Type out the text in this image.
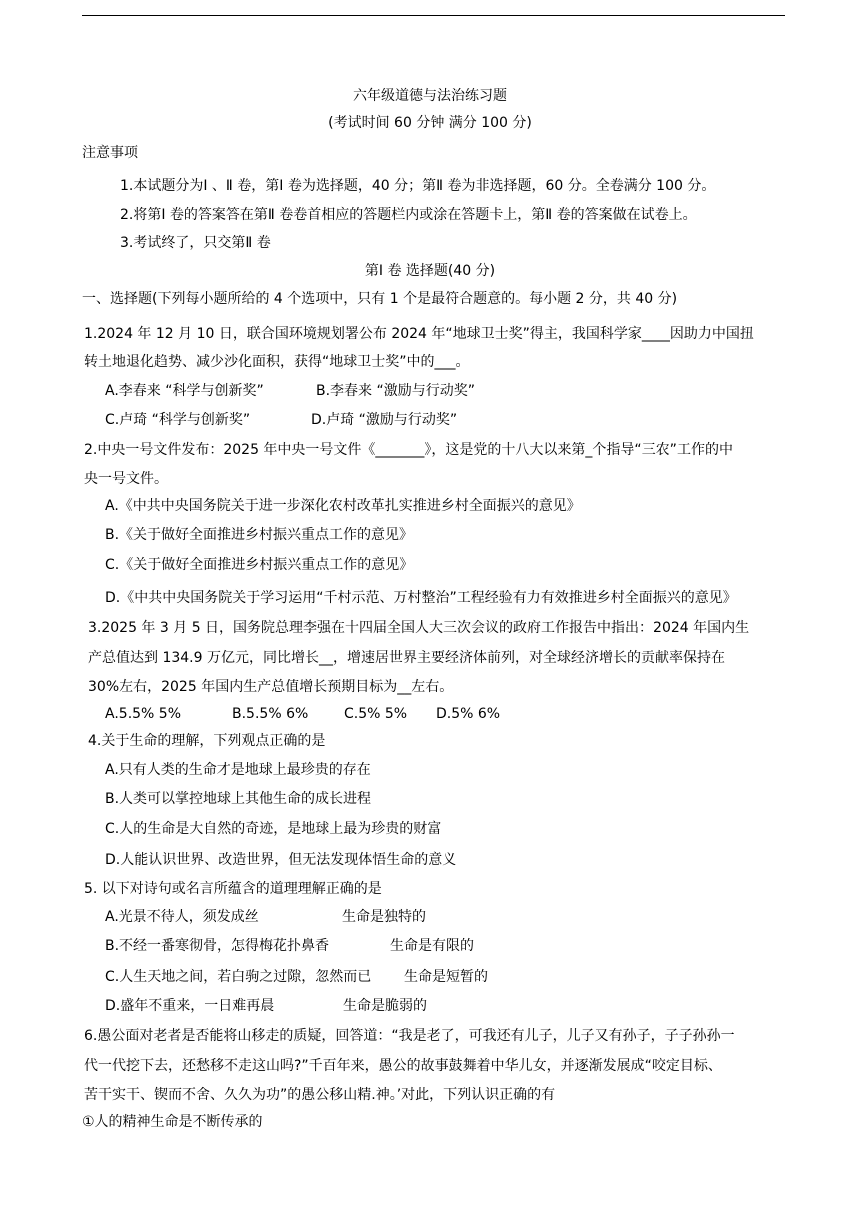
六年级道德与法治练习题
(考试时间 60 分钟 满分 100 分)
注意事项
1.本试题分为Ⅰ 、Ⅱ 卷，第Ⅰ 卷为选择题，40 分；第Ⅱ 卷为非选择题，60 分。全卷满分 100 分。
2.将第Ⅰ 卷的答案答在第Ⅱ 卷卷首相应的答题栏内或涂在答题卡上，第Ⅱ 卷的答案做在试卷上。
3.考试终了，只交第Ⅱ 卷
第Ⅰ 卷 选择题(40 分)
一、选择题(下列每小题所给的 4 个选项中，只有 1 个是最符合题意的。每小题 2 分，共 40 分)
1.2024 年 12 月 10 日，联合国环境规划署公布 2024 年“地球卫士奖”得主，我国科学家____因助力中国扭
转土地退化趋势、减少沙化面积，获得“地球卫士奖”中的___。
A.李春来 “科学与创新奖”	B.李春来 “激励与行动奖”
C.卢琦 “科学与创新奖”	D.卢琦 “激励与行动奖”
2.中央一号文件发布：2025 年中央一号文件《_______》，这是党的十八大以来第_个指导“三农”工作的中
央一号文件。
A.《中共中央国务院关于进一步深化农村改革扎实推进乡村全面振兴的意见》
B.《关于做好全面推进乡村振兴重点工作的意见》
C.《关于做好全面推进乡村振兴重点工作的意见》
D.《中共中央国务院关于学习运用“千村示范、万村整治”工程经验有力有效推进乡村全面振兴的意见》
3.2025 年 3 月 5 日，国务院总理李强在十四届全国人大三次会议的政府工作报告中指出：2024 年国内生
产总值达到 134.9 万亿元，同比增长__，增速居世界主要经济体前列，对全球经济增长的贡献率保持在
30%左右，2025 年国内生产总值增长预期目标为__左右。
A.5.5% 5%	B.5.5% 6%	C.5% 5% D.5% 6%
4.关于生命的理解，下列观点正确的是
A.只有人类的生命才是地球上最珍贵的存在
B.人类可以掌控地球上其他生命的成长进程
C.人的生命是大自然的奇迹，是地球上最为珍贵的财富
D.人能认识世界、改造世界，但无法发现体悟生命的意义
5. 以下对诗句或名言所蕴含的道理理解正确的是
A.光景不待人，须发成丝	生命是独特的
B.不经一番寒彻骨，怎得梅花扑鼻香	生命是有限的
C.人生天地之间，若白驹之过隙，忽然而已 生命是短暂的
D.盛年不重来，一日难再晨	生命是脆弱的
6.愚公面对老者是否能将山移走的质疑，回答道：“我是老了，可我还有儿子，儿子又有孙子，子子孙孙一
代一代挖下去，还愁移不走这山吗?”千百年来，愚公的故事鼓舞着中华儿女，并逐渐发展成“咬定目标、
苦干实干、锲而不舍、久久为功”的愚公移山精.神。’对此，下列认识正确的有
①人的精神生命是不断传承的
